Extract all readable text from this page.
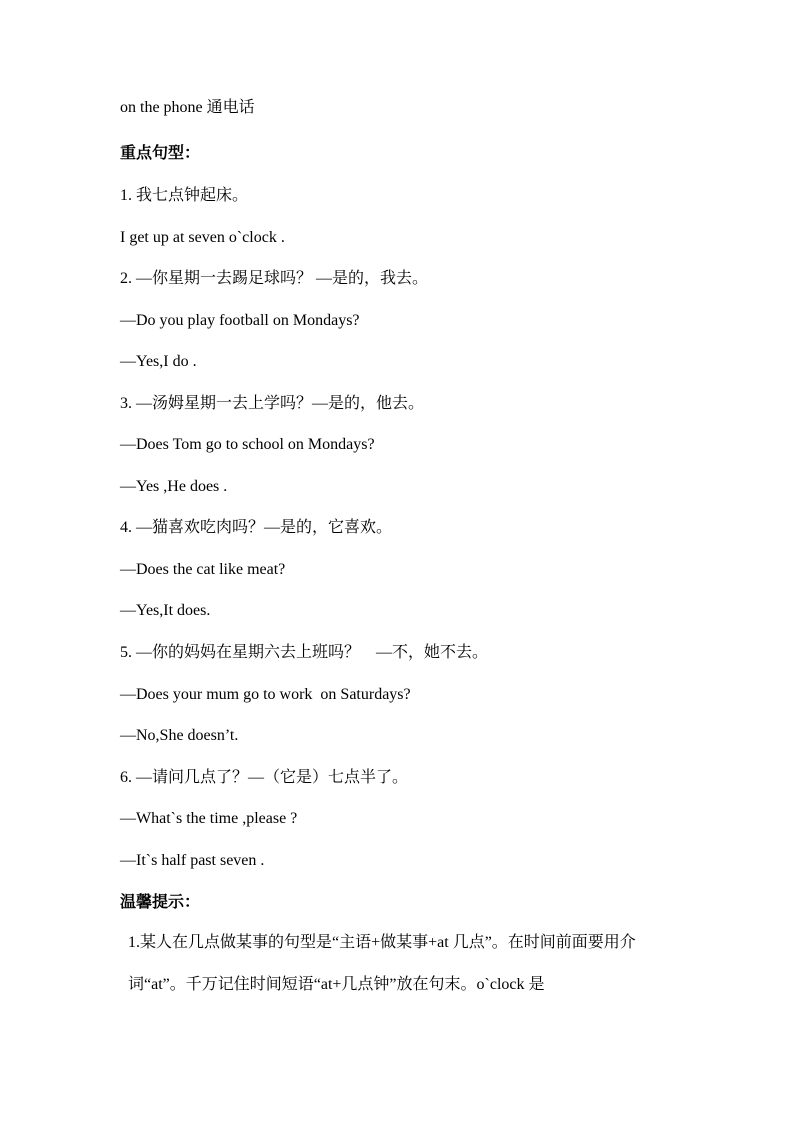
on the phone 通电话
重点句型：
1. 我七点钟起床。
I get up at seven o`clock .
2. —你星期一去踢足球吗？ —是的，我去。
—Do you play football on Mondays?
—Yes,I do .
3. —汤姆星期一去上学吗？—是的，他去。
—Does Tom go to school on Mondays?
—Yes ,He does .
4. —猫喜欢吃肉吗？—是的，它喜欢。
—Does the cat like meat?
—Yes,It does.
5. —你的妈妈在星期六去上班吗？    —不，她不去。
—Does your mum go to work  on Saturdays?
—No,She doesn’t.
6. —请问几点了？—（它是）七点半了。
—What`s the time ,please ?
—It`s half past seven .
温馨提示：
1.某人在几点做某事的句型是“主语+做某事+at 几点”。在时间前面要用介词“at”。千万记住时间短语“at+几点钟”放在句末。o`clock 是
